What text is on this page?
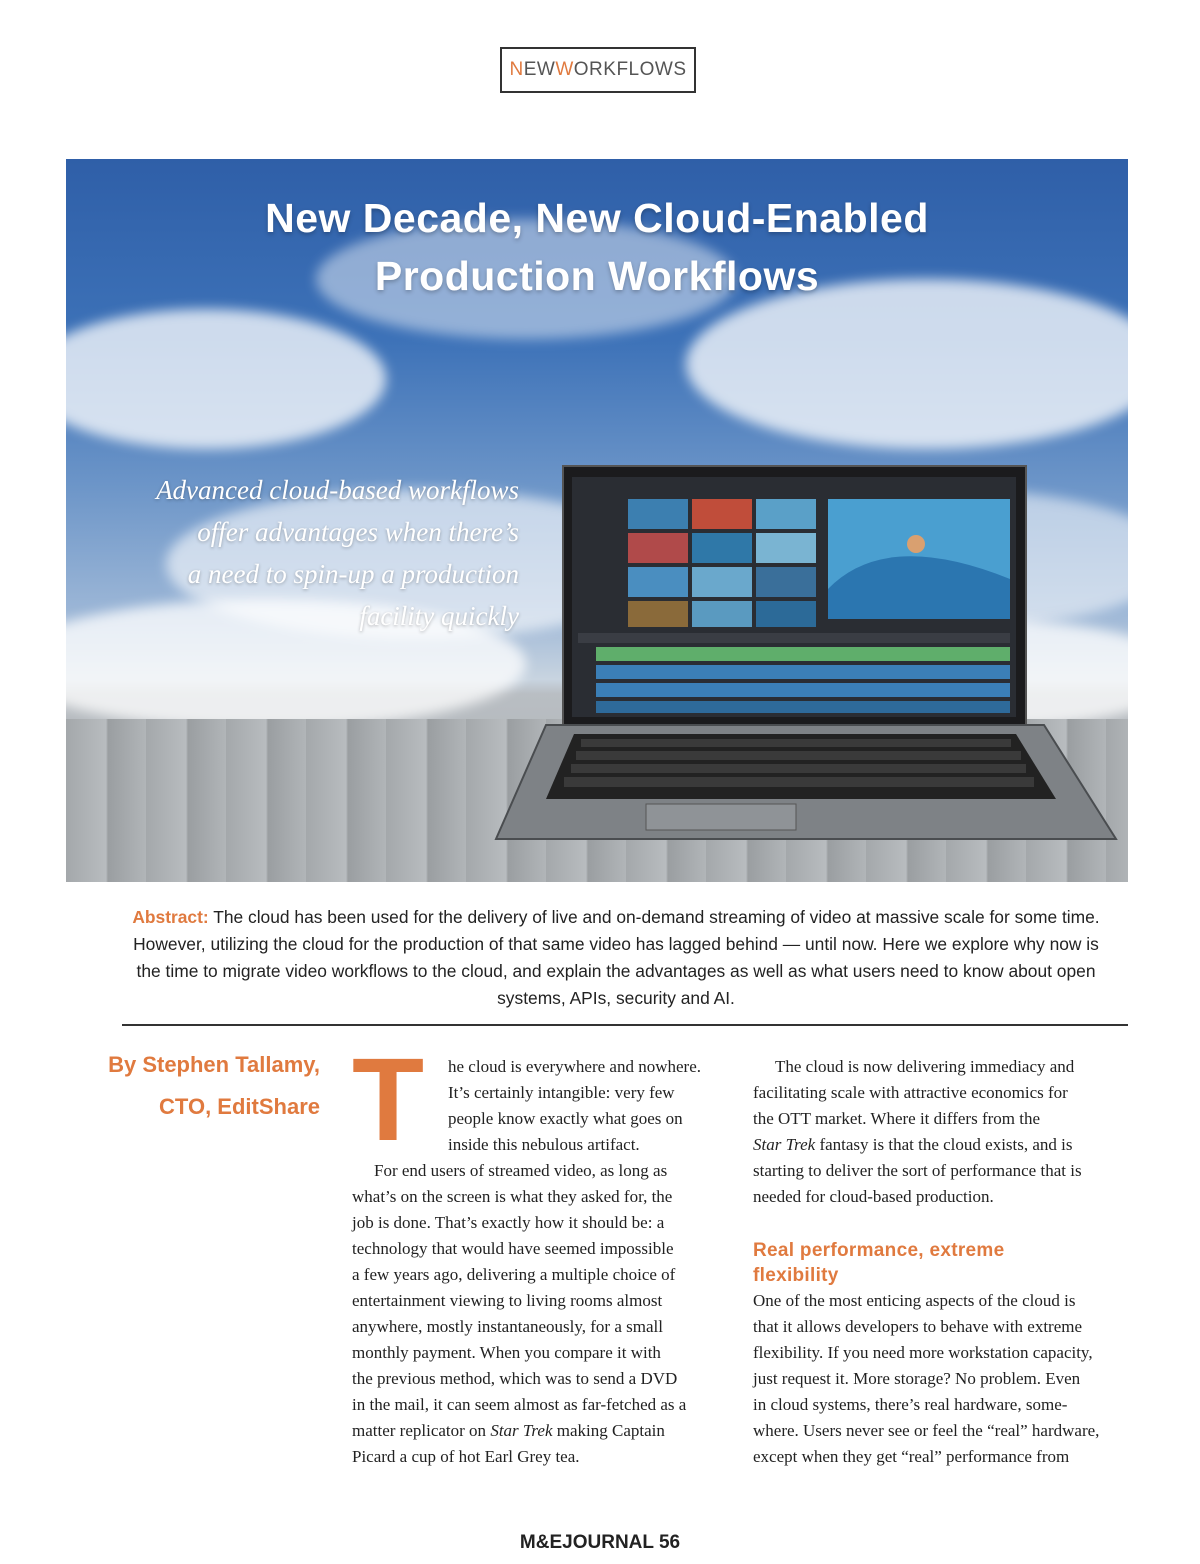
N EW W ORKFLOWS
New Decade, New Cloud-Enabled
Production Workflows
Advanced cloud-based workflows
offer advantages when there’s
a need to spin-up a production
facility quickly
Abstract: The cloud has been used for the delivery of live and on-demand streaming of video at massive scale for some time. However, utilizing the cloud for the production of that same video has lagged behind — until now. Here we explore why now is the time to migrate video workflows to the cloud, and explain the advantages as well as what users need to know about open systems, APIs, security and AI.
By Stephen Tallamy,
CTO, EditShare T	he cloud is everywhere and nowhere.
It’s certainly intangible: very few
people know exactly what goes on
inside this nebulous artifact.
For end users of streamed video, as long as
what’s on the screen is what they asked for, the
job is done. That’s exactly how it should be: a
technology that would have seemed impossible
a few years ago, delivering a multiple choice of
entertainment viewing to living rooms almost
anywhere, mostly instantaneously, for a small
monthly payment. When you compare it with
the previous method, which was to send a DVD
in the mail, it can seem almost as far-fetched as a
matter replicator on Star Trek making Captain
Picard a cup of hot Earl Grey tea.
The cloud is now delivering immediacy and
facilitating scale with attractive economics for
the OTT market. Where it differs from the
Star Trek fantasy is that the cloud exists, and is
starting to deliver the sort of performance that is
needed for cloud-based production.
Real performance, extreme
flexibility
One of the most enticing aspects of the cloud is
that it allows developers to behave with extreme
flexibility. If you need more workstation capacity,
just request it. More storage? No problem. Even
in cloud systems, there’s real hardware, some-
where. Users never see or feel the “real” hardware,
except when they get “real” performance from
M&EJOURNAL 56
